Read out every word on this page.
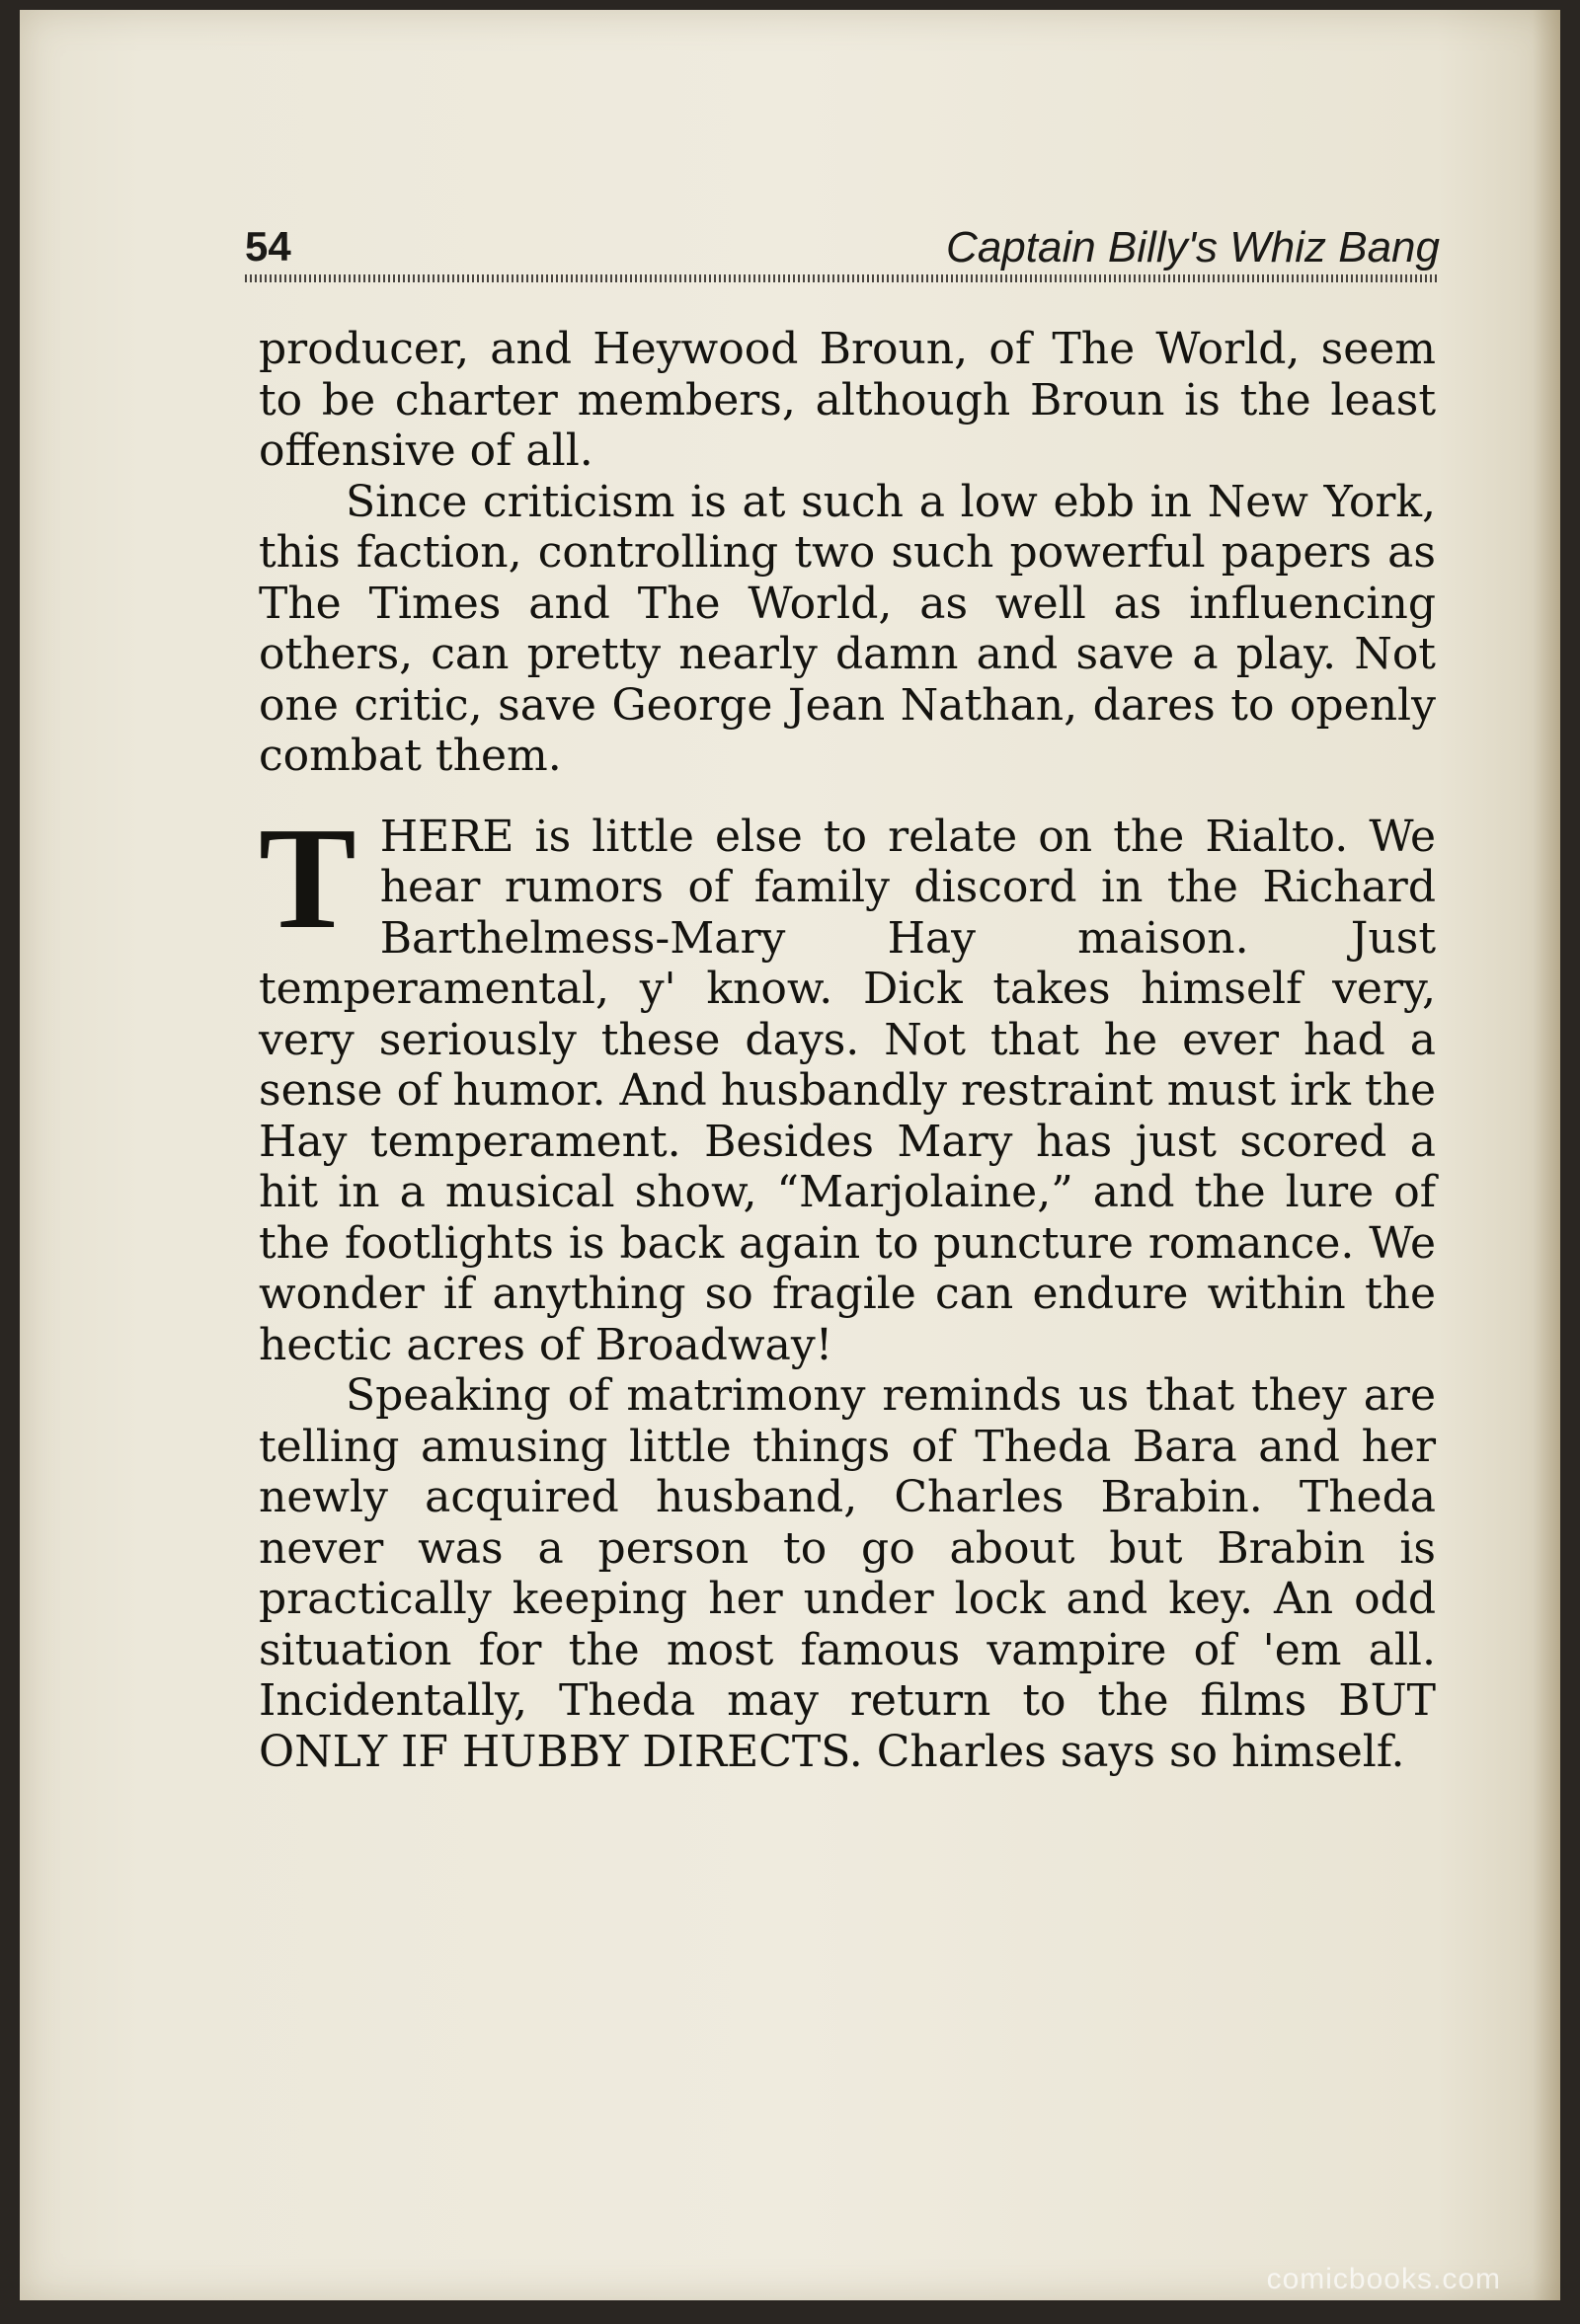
54	Captain Billy's Whiz Bang

producer, and Heywood Broun, of The World, seem to be charter members, although Broun is the least offensive of all.

Since criticism is at such a low ebb in New York, this faction, controlling two such powerful papers as The Times and The World, as well as influencing others, can pretty nearly damn and save a play. Not one critic, save George Jean Nathan, dares to openly combat them.

THERE is little else to relate on the Rialto. We hear rumors of family discord in the Richard Barthelmess-Mary Hay maison. Just temperamental, y' know. Dick takes himself very, very seriously these days. Not that he ever had a sense of humor. And husbandly restraint must irk the Hay temperament. Besides Mary has just scored a hit in a musical show, “Marjolaine,” and the lure of the footlights is back again to puncture romance. We wonder if anything so fragile can endure within the hectic acres of Broadway!

Speaking of matrimony reminds us that they are telling amusing little things of Theda Bara and her newly acquired husband, Charles Brabin. Theda never was a person to go about but Brabin is practically keeping her under lock and key. An odd situation for the most famous vampire of 'em all. Incidentally, Theda may return to the films BUT ONLY IF HUBBY DIRECTS. Charles says so himself.

comicbooks.com
